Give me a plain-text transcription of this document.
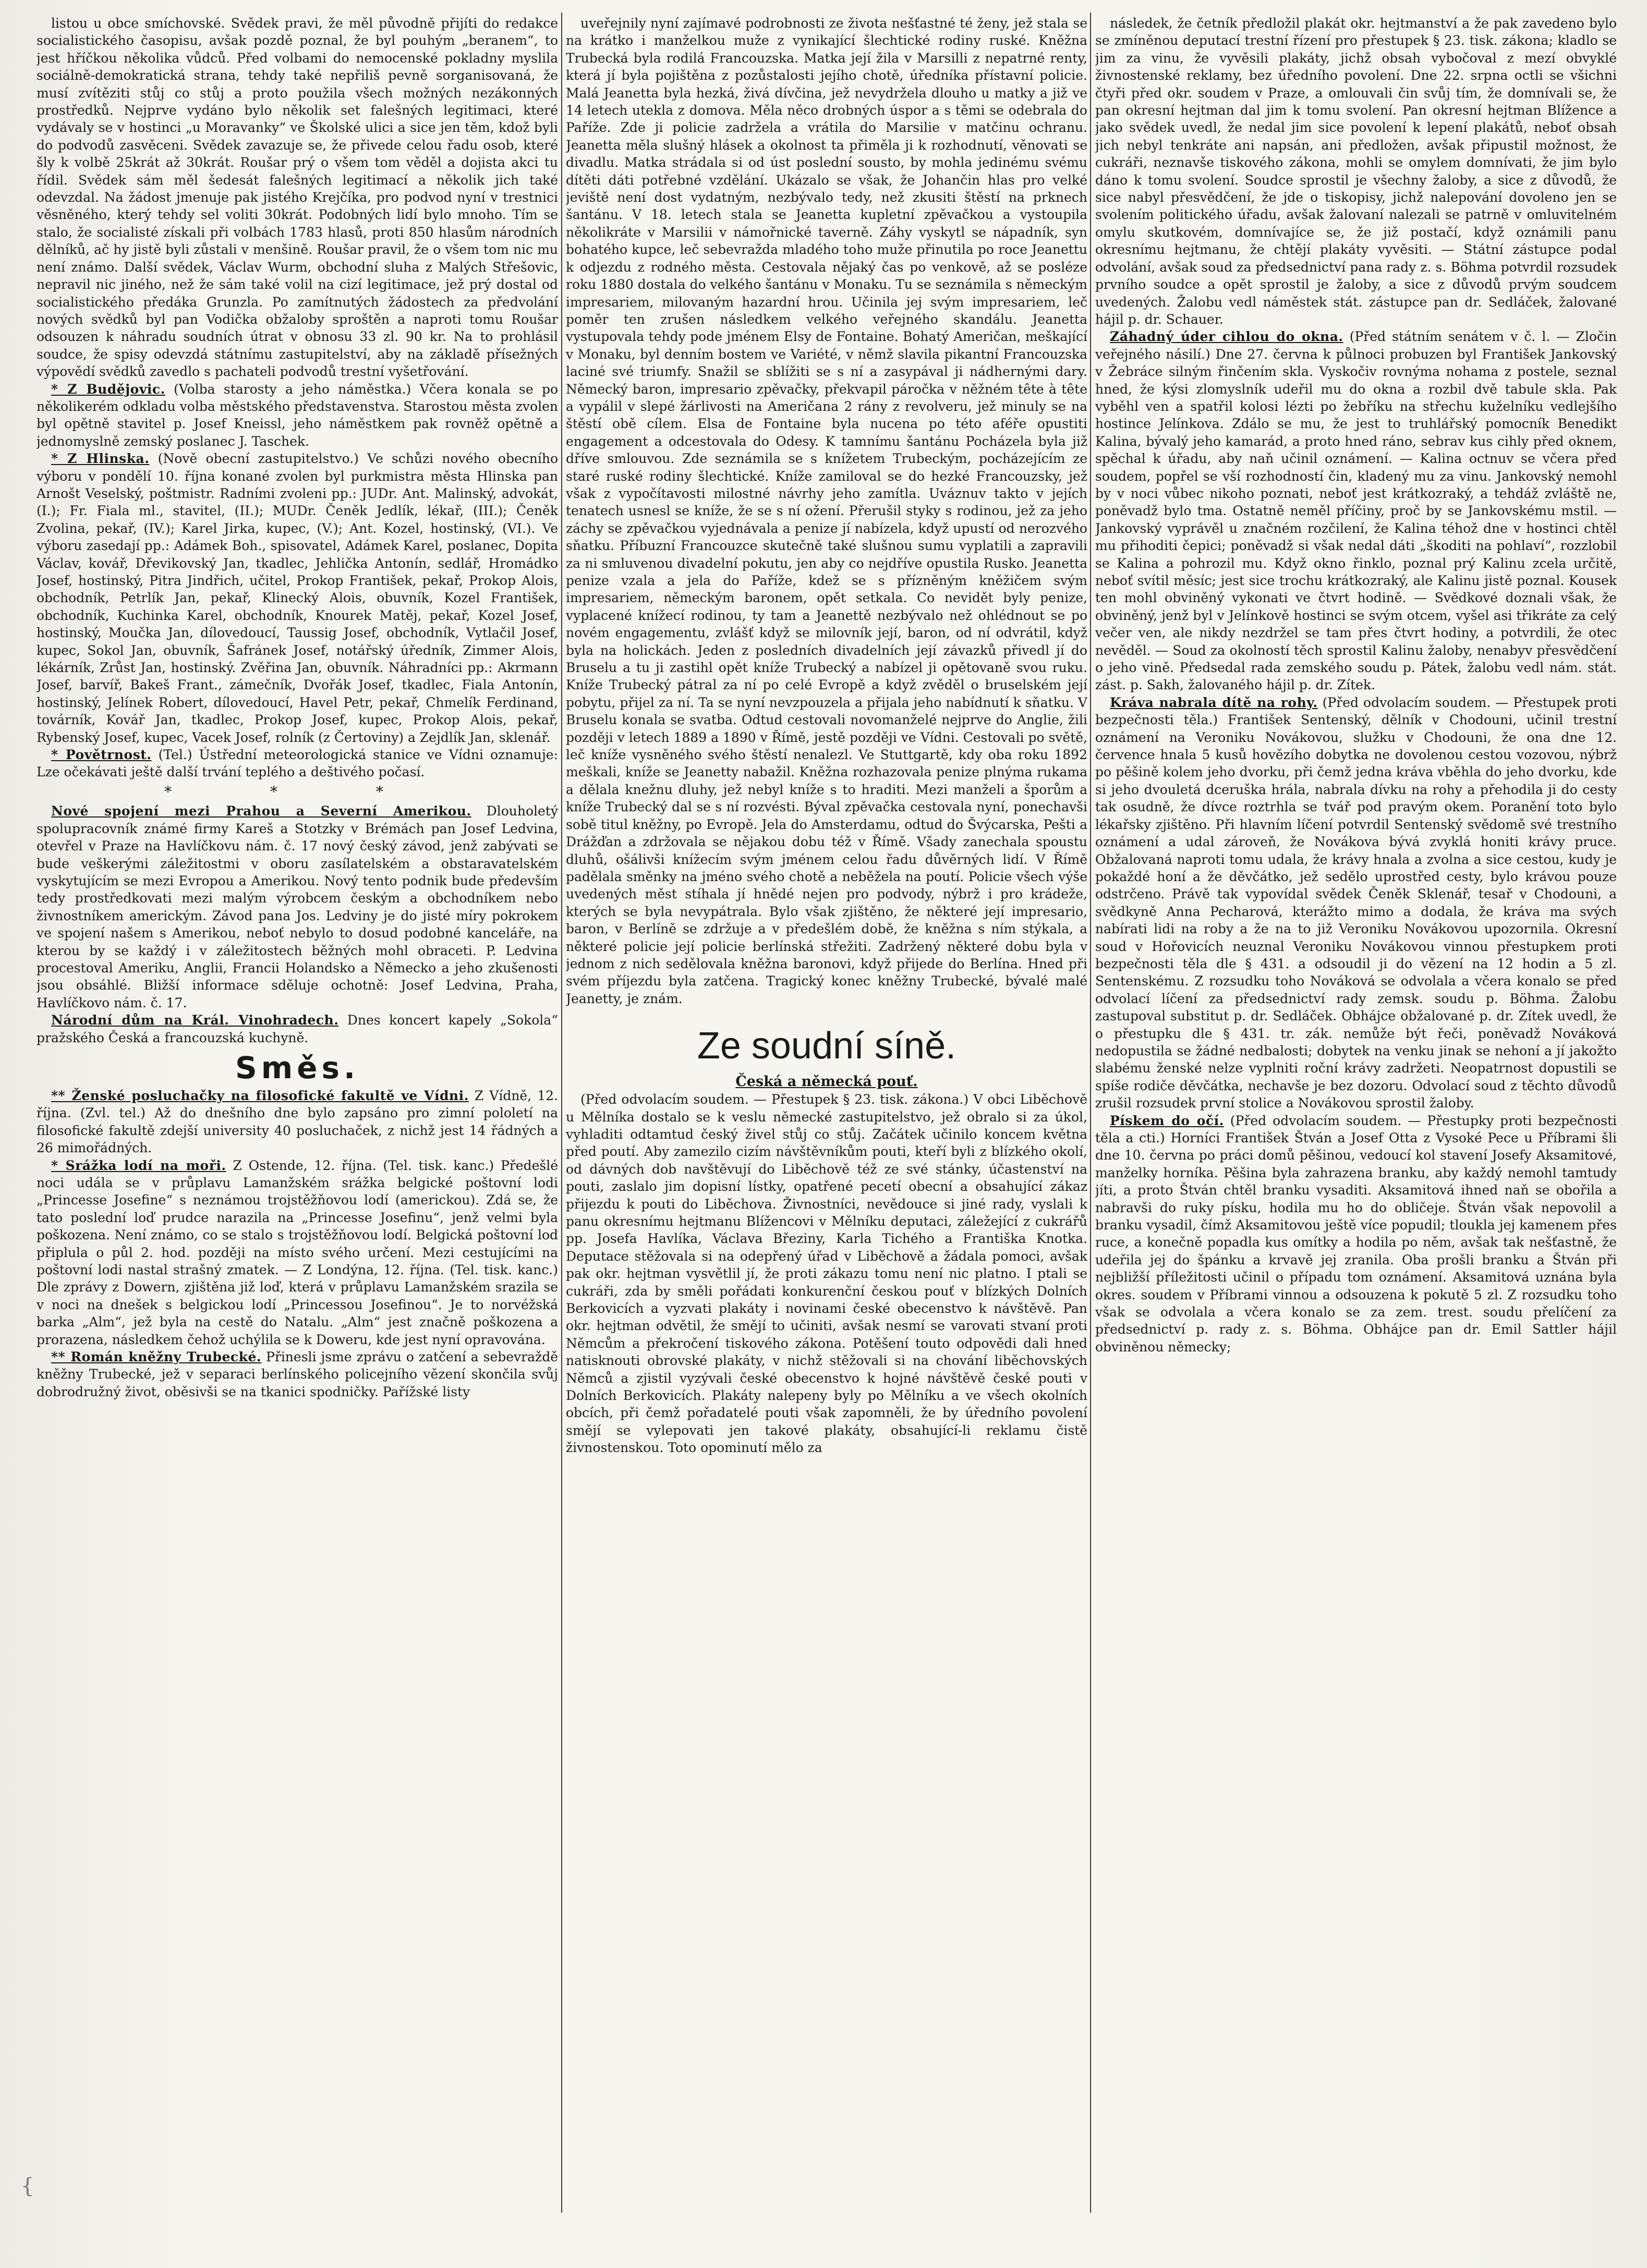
listou u obce smíchovské. Svědek pravi, že měl původně přijíti do redakce socialistického časopisu, avšak pozdě poznal, že byl pouhým „beranem“, to jest hříčkou několika vůdců. Před volbami do nemocenské pokladny myslila sociálně-demokratická strana, tehdy také nepřiliš pevně sorganisovaná, že musí zvítěziti stůj co stůj a proto použila všech možných nezákonných prostředků. Nejprve vydáno bylo několik set falešných legitimaci, které vydávaly se v hostinci „u Moravanky“ ve Školské ulici a sice jen těm, kdož byli do podvodů zasvěceni. Svědek zavazuje se, že přivede celou řadu osob, které šly k volbě 25krát až 30krát. Roušar prý o všem tom věděl a dojista akci tu řídil. Svědek sám měl šedesát falešných legitimací a několik jich také odevzdal. Na žádost jmenuje pak jistého Krejčíka, pro podvod nyní v trestnici věsněného, který tehdy sel voliti 30krát. Podobných lidí bylo mnoho. Tím se stalo, že socialisté získali při volbách 1783 hlasů, proti 850 hlasům národních dělníků, ač hy jistě byli zůstali v menšině. Roušar pravil, že o všem tom nic mu není známo. Další svědek, Václav Wurm, obchodní sluha z Malých Střešovic, nepravil nic jiného, než že sám také volil na cizí legitimace, jež prý dostal od socialistického předáka Grunzla. Po zamítnutých žádostech za předvolání nových svědků byl pan Vodička obžaloby sproštěn a naproti tomu Roušar odsouzen k náhradu soudních útrat v obnosu 33 zl. 90 kr. Na to prohlásil soudce, že spisy odevzdá státnímu zastupitelství, aby na základě přísežných výpovědí svědků zavedlo s pachateli podvodů trestní vyšetřování.

* Z Budějovic. (Volba starosty a jeho náměstka.) Včera konala se po několikerém odkladu volba městského představenstva. Starostou města zvolen byl opětně stavitel p. Josef Kneissl, jeho náměstkem pak rovněž opětně a jednomyslně zemský poslanec J. Taschek.

* Z Hlinska. (Nově obecní zastupitelstvo.) Ve schůzi nového obecního výboru v pondělí 10. října konané zvolen byl purkmistra města Hlinska pan Arnošt Veselský, poštmistr. Radními zvoleni pp.: JUDr. Ant. Malinský, advokát, (I.); Fr. Fiala ml., stavitel, (II.); MUDr. Čeněk Jedlík, lékař, (III.); Čeněk Zvolina, pekař, (IV.); Karel Jirka, kupec, (V.); Ant. Kozel, hostinský, (VI.). Ve výboru zasedají pp.: Adámek Boh., spisovatel, Adámek Karel, poslanec, Dopita Václav, kovář, Dřevikovský Jan, tkadlec, Jehlička Antonín, sedlář, Hromádko Josef, hostinský, Pitra Jindřich, učitel, Prokop František, pekař, Prokop Alois, obchodník, Petrlík Jan, pekař, Klinecký Alois, obuvník, Kozel František, obchodník, Kuchinka Karel, obchodník, Knourek Matěj, pekař, Kozel Josef, hostinský, Moučka Jan, dílovedoucí, Taussig Josef, obchodník, Vytlačil Josef, kupec, Sokol Jan, obuvník, Šafránek Josef, notářský úředník, Zimmer Alois, lékárník, Zrůst Jan, hostinský. Zvěřina Jan, obuvník. Náhradníci pp.: Akrmann Josef, barvíř, Bakeš Frant., zámečník, Dvořák Josef, tkadlec, Fiala Antonín, hostinský, Jelínek Robert, dílovedoucí, Havel Petr, pekař, Chmelík Ferdinand, továrník, Kovář Jan, tkadlec, Prokop Josef, kupec, Prokop Alois, pekař, Rybenský Josef, kupec, Vacek Josef, rolník (z Čertoviny) a Zejdlík Jan, sklenář.

* Povětrnost. (Tel.) Ústřední meteorologická stanice ve Vídni oznamuje: Lze očekávati ještě další trvání teplého a deštivého počasí.

* * *

Nové spojení mezi Prahou a Severní Amerikou. Dlouholetý spolupracovník známé firmy Kareš a Stotzky v Brémách pan Josef Ledvina, otevřel v Praze na Havlíčkovu nám. č. 17 nový český závod, jenž zabývati se bude veškerými záležitostmi v oboru zasílatelském a obstaravatelském vyskytujícím se mezi Evropou a Amerikou. Nový tento podnik bude především tedy prostředkovati mezi malým výrobcem českým a obchodníkem nebo živnostníkem americkým. Závod pana Jos. Ledviny je do jisté míry pokrokem ve spojení našem s Amerikou, neboť nebylo to dosud podobné kanceláře, na kterou by se každý i v záležitostech běžných mohl obraceti. P. Ledvina procestoval Ameriku, Anglii, Francii Holandsko a Německo a jeho zkušenosti jsou obsáhlé. Bližší informace sděluje ochotně: Josef Ledvina, Praha, Havlíčkovo nám. č. 17.

Národní dům na Král. Vinohradech. Dnes koncert kapely „Sokola“ pražského Česká a francouzská kuchyně.

Směs.

** Ženské posluchačky na filosofické fakultě ve Vídni. Z Vídně, 12. října. (Zvl. tel.) Až do dnešního dne bylo zapsáno pro zimní pololetí na filosofické fakultě zdejší university 40 posluchaček, z nichž jest 14 řádných a 26 mimořádných.

* Srážka lodí na moři. Z Ostende, 12. října. (Tel. tisk. kanc.) Předešlé noci udála se v průplavu Lamanžském srážka belgické poštovní lodi „Princesse Josefine“ s neznámou trojstěžňovou lodí (americkou). Zdá se, že tato poslední loď prudce narazila na „Princesse Josefinu“, jenž velmi byla poškozena. Není známo, co se stalo s trojstěžňovou lodí. Belgická poštovní loď připlula o půl 2. hod. později na místo svého určení. Mezi cestujícími na poštovní lodi nastal strašný zmatek. — Z Londýna, 12. října. (Tel. tisk. kanc.) Dle zprávy z Dowern, zjištěna již loď, která v průplavu Lamanžském srazila se v noci na dnešek s belgickou lodí „Princessou Josefinou“. Je to norvéžská barka „Alm“, jež byla na cestě do Natalu. „Alm“ jest značně poškozena a prorazena, následkem čehož uchýlila se k Doweru, kde jest nyní opravována.

** Román kněžny Trubecké. Přinesli jsme zprávu o zatčení a sebevraždě kněžny Trubecké, jež v separaci berlínského policejního vězení skončila svůj dobrodružný život, oběsivši se na tkanici spodničky. Pařížské listy

uveřejnily nyní zajímavé podrobnosti ze života nešťastné té ženy, jež stala se na krátko i manželkou muže z vynikající šlechtické rodiny ruské. Kněžna Trubecká byla rodilá Francouzska. Matka její žila v Marsilli z nepatrné renty, která jí byla pojištěna z pozůstalosti jejího chotě, úředníka přístavní policie. Malá Jeanetta byla hezká, živá dívčina, jež nevydržela dlouho u matky a již ve 14 letech utekla z domova. Měla něco drobných úspor a s těmi se odebrala do Paříže. Zde ji policie zadržela a vrátila do Marsilie v matčinu ochranu. Jeanetta měla slušný hlásek a okolnost ta přiměla ji k rozhodnutí, věnovati se divadlu. Matka strádala si od úst poslední sousto, by mohla jedinému svému dítěti dáti potřebné vzdělání. Ukázalo se však, že Johančin hlas pro velké jeviště není dost vydatným, nezbývalo tedy, než zkusiti štěstí na prknech šantánu. V 18. letech stala se Jeanetta kupletní zpěvačkou a vystoupila několikráte v Marsilii v námořnické taverně. Záhy vyskytl se nápadník, syn bohatého kupce, leč sebevražda mladého toho muže přinutila po roce Jeanettu k odjezdu z rodného města. Cestovala nějaký čas po venkově, až se posléze roku 1880 dostala do velkého šantánu v Monaku. Tu se seznámila s německým impresariem, milovaným hazardní hrou. Učinila jej svým impresariem, leč poměr ten zrušen následkem velkého veřejného skandálu. Jeanetta vystupovala tehdy pode jménem Elsy de Fontaine. Bohatý Američan, meškající v Monaku, byl denním bostem ve Variété, v němž slavila pikantní Francouzska laciné své triumfy. Snažil se sblížiti se s ní a zasypával ji nádhernými dary. Německý baron, impresario zpěvačky, překvapil páročka v něžném tête à tête a vypálil v slepé žárlivosti na Američana 2 rány z revolveru, jež minuly se na štěstí obě cílem. Elsa de Fontaine byla nucena po této aféře opustiti engagement a odcestovala do Odesy. K tamnímu šantánu Pocházela byla již dříve smlouvou. Zde seznámila se s knížetem Trubeckým, pocházejícím ze staré ruské rodiny šlechtické. Kníže zamiloval se do hezké Francouzsky, jež však z vypočítavosti milostné návrhy jeho zamítla. Uváznuv takto v jejích tenatech usnesl se kníže, že se s ní ožení. Přerušil styky s rodinou, jež za jeho záchy se zpěvačkou vyjednávala a penize jí nabízela, když upustí od nerozvého sňatku. Příbuzní Francouzce skutečně také slušnou sumu vyplatili a zapravili za ni smluvenou divadelní pokutu, jen aby co nejdříve opustila Rusko. Jeanetta penize vzala a jela do Paříže, kdež se s přízněným kněžičem svým impresariem, německým baronem, opět setkala. Co nevidět byly penize, vyplacené knížecí rodinou, ty tam a Jeanettě nezbývalo než ohlédnout se po novém engagementu, zvlášť když se milovník její, baron, od ní odvrátil, když byla na holickách. Jeden z posledních divadelních její závazků přivedl jí do Bruselu a tu ji zastihl opět kníže Trubecký a nabízel ji opětovaně svou ruku. Kníže Trubecký pátral za ní po celé Evropě a když zvěděl o bruselském její pobytu, přijel za ní. Ta se nyní nevzpouzela a přijala jeho nabídnutí k sňatku. V Bruselu konala se svatba. Odtud cestovali novomanželé nejprve do Anglie, žili později v letech 1889 a 1890 v Římě, jestě později ve Vídni. Cestovali po světě, leč kníže vysněného svého štěstí nenalezl. Ve Stuttgartě, kdy oba roku 1892 meškali, kníže se Jeanetty nabažil. Kněžna rozhazovala penize plnýma rukama a dělala knežnu dluhy, jež nebyl kníže s to hraditi. Mezi manželi a šporům a kníže Trubecký dal se s ní rozvésti. Býval zpěvačka cestovala nyní, ponechavši sobě titul kněžny, po Evropě. Jela do Amsterdamu, odtud do Švýcarska, Pešti a Drážďan a zdržovala se nějakou dobu též v Římě. Všady zanechala spoustu dluhů, ošálivši knížecím svým jménem celou řadu důvěrných lidí. V Římě padělala směnky na jméno svého chotě a neběžela na poutí. Policie všech výše uvedených měst stíhala jí hnědé nejen pro podvody, nýbrž i pro krádeže, kterých se byla nevypátrala. Bylo však zjištěno, že některé její impresario, baron, v Berlíně se zdržuje a v předešlém době, že kněžna s ním stýkala, a některé policie její policie berlínská střežiti. Zadržený některé dobu byla v jednom z nich sedělovala kněžna baronovi, když přijede do Berlína. Hned při svém příjezdu byla zatčena. Tragický konec kněžny Trubecké, bývalé malé Jeanetty, je znám.

Ze soudní síně.
Česká a německá pouť.

(Před odvolacím soudem. — Přestupek § 23. tisk. zákona.) V obci Liběchově u Mělníka dostalo se k veslu německé zastupitelstvo, jež obralo si za úkol, vyhladiti odtamtud český živel stůj co stůj. Začátek učinilo koncem května před poutí. Aby zamezilo cizím návštěvníkům pouti, kteří byli z blízkého okolí, od dávných dob navštěvují do Liběchově též ze své stánky, účastenství na pouti, zaslalo jim dopisní lístky, opatřené pecetí obecní a obsahující zákaz přijezdu k pouti do Liběchova. Živnostníci, nevědouce si jiné rady, vyslali k panu okresnímu hejtmanu Blížencovi v Mělníku deputaci, záležející z cukrářů pp. Josefa Havlíka, Václava Březiny, Karla Tichého a Františka Knotka. Deputace stěžovala si na odepřený úřad v Liběchově a žádala pomoci, avšak pak okr. hejtman vysvětlil jí, že proti zákazu tomu není nic platno. I ptali se cukráři, zda by směli pořádati konkurenční českou pouť v blízkých Dolních Berkovicích a vyzvati plakáty i novinami české obecenstvo k návštěvě. Pan okr. hejtman odvětil, že smějí to učiniti, avšak nesmí se varovati stvaní proti Němcům a překročení tiskového zákona. Potěšení touto odpovědi dali hned natisknouti obrovské plakáty, v nichž stěžovali si na chování liběchovských Němců a zjistil vyzývali české obecenstvo k hojné návštěvě české pouti v Dolních Berkovicích. Plakáty nalepeny byly po Mělníku a ve všech okolních obcích, při čemž pořadatelé pouti však zapomněli, že by úředního povolení smějí se vylepovati jen takové plakáty, obsahující-li reklamu čistě živnostenskou. Toto opominutí mělo za

následek, že četník předložil plakát okr. hejtmanství a že pak zavedeno bylo se zmíněnou deputací trestní řízení pro přestupek § 23. tisk. zákona; kladlo se jim za vinu, že vyvěsili plakáty, jichž obsah vybočoval z mezí obvyklé živnostenské reklamy, bez úředního povolení. Dne 22. srpna octli se všichni čtyři před okr. soudem v Praze, a omlouvali čin svůj tím, že domnívali se, že pan okresní hejtman dal jim k tomu svolení. Pan okresní hejtman Blížence a jako svědek uvedl, že nedal jim sice povolení k lepení plakátů, neboť obsah jich nebyl tenkráte ani napsán, ani předložen, avšak připustil možnost, že cukráři, neznavše tiskového zákona, mohli se omylem domnívati, že jim bylo dáno k tomu svolení. Soudce sprostil je všechny žaloby, a sice z důvodů, že sice nabyl přesvědčení, že jde o tiskopisy, jichž nalepování dovoleno jen se svolením politického úřadu, avšak žalovaní nalezali se patrně v omluvitelném omylu skutkovém, domnívajíce se, že již postačí, když oznámili panu okresnímu hejtmanu, že chtějí plakáty vyvěsiti. — Státní zástupce podal odvolání, avšak soud za předsednictví pana rady z. s. Böhma potvrdil rozsudek prvního soudce a opět sprostil je žaloby, a sice z důvodů prvým soudcem uvedených. Žalobu vedl náměstek stát. zástupce pan dr. Sedláček, žalované hájil p. dr. Schauer.

Záhadný úder cihlou do okna. (Před státním senátem v č. l. — Zločin veřejného násilí.) Dne 27. června k půlnoci probuzen byl František Jankovský v Žebráce silným řinčením skla. Vyskočiv rovnýma nohama z postele, seznal hned, že kýsi zlomyslník udeřil mu do okna a rozbil dvě tabule skla. Pak vyběhl ven a spatřil kolosi lézti po žebříku na střechu kuželníku vedlejšího hostince Jelínkova. Zdálo se mu, že jest to truhlářský pomocník Benedikt Kalina, bývalý jeho kamarád, a proto hned ráno, sebrav kus cihly před oknem, spěchal k úřadu, aby naň učinil oznámení. — Kalina octnuv se včera před soudem, popřel se vší rozhodností čin, kladený mu za vinu. Jankovský nemohl by v noci vůbec nikoho poznati, neboť jest krátkozraký, a tehdáž zvláště ne, poněvadž bylo tma. Ostatně neměl příčiny, proč by se Jankovskému mstil. — Jankovský vyprávěl u značném rozčilení, že Kalina téhož dne v hostinci chtěl mu přihoditi čepici; poněvadž si však nedal dáti „škoditi na pohlaví“, rozzlobil se Kalina a pohrozil mu. Když okno řinklo, poznal prý Kalinu zcela určitě, neboť svítil měsíc; jest sice trochu krátkozraký, ale Kalinu jistě poznal. Kousek ten mohl obviněný vykonati ve čtvrt hodině. — Svědkové doznali však, že obviněný, jenž byl v Jelínkově hostinci se svým otcem, vyšel asi třikráte za celý večer ven, ale nikdy nezdržel se tam přes čtvrt hodiny, a potvrdili, že otec nevěděl. — Soud za okolností těch sprostil Kalinu žaloby, nenabyv přesvědčení o jeho vině. Předsedal rada zemského soudu p. Pátek, žalobu vedl nám. stát. zást. p. Sakh, žalovaného hájil p. dr. Zítek.

Kráva nabrala dítě na rohy. (Před odvolacím soudem. — Přestupek proti bezpečnosti těla.) František Sentenský, dělník v Chodouni, učinil trestní oznámení na Veroniku Novákovou, služku v Chodouni, že ona dne 12. července hnala 5 kusů hovězího dobytka ne dovolenou cestou vozovou, nýbrž po pěšině kolem jeho dvorku, při čemž jedna kráva vběhla do jeho dvorku, kde si jeho dvouletá dceruška hrála, nabrala dívku na rohy a přehodila ji do cesty tak osudně, že dívce roztrhla se tvář pod pravým okem. Poranění toto bylo lékařsky zjištěno. Při hlavním líčení potvrdil Sentenský svědomě své trestního oznámení a udal zároveň, že Novákova bývá zvyklá honiti krávy pruce. Obžalovaná naproti tomu udala, že krávy hnala a zvolna a sice cestou, kudy je pokaždé honí a že děvčátko, jež sedělo uprostřed cesty, bylo krávou pouze odstrčeno. Právě tak vypovídal svědek Čeněk Sklenář, tesař v Chodouni, a svědkyně Anna Pecharová, kterážto mimo a dodala, že kráva ma svých nabírati lidi na roby a že na to již Veroniku Novákovou upozornila. Okresní soud v Hořovicích neuznal Veroniku Novákovou vinnou přestupkem proti bezpečnosti těla dle § 431. a odsoudil ji do vězení na 12 hodin a 5 zl. Sentenskému. Z rozsudku toho Nováková se odvolala a včera konalo se před odvolací líčení za předsednictví rady zemsk. soudu p. Böhma. Žalobu zastupoval substitut p. dr. Sedláček. Obhájce obžalované p. dr. Zítek uvedl, že o přestupku dle § 431. tr. zák. nemůže být řeči, poněvadž Nováková nedopustila se žádné nedbalosti; dobytek na venku jinak se nehoní a jí jakožto slabému ženské nelze vyplniti roční krávy zadržeti. Neopatrnost dopustili se spíše rodiče děvčátka, nechavše je bez dozoru. Odvolací soud z těchto důvodů zrušil rozsudek první stolice a Novákovou sprostil žaloby.

Pískem do očí. (Před odvolacím soudem. — Přestupky proti bezpečnosti těla a cti.) Horníci František Štván a Josef Otta z Vysoké Pece u Příbrami šli dne 10. června po práci domů pěšinou, vedoucí kol stavení Josefy Aksamitové, manželky horníka. Pěšina byla zahrazena branku, aby každý nemohl tamtudy jíti, a proto Štván chtěl branku vysaditi. Aksamitová ihned naň se obořila a nabravši do ruky písku, hodila mu ho do obličeje. Štván však nepovolil a branku vysadil, čímž Aksamitovou ještě více popudil; tloukla jej kamenem přes ruce, a konečně popadla kus omítky a hodila po něm, avšak tak nešťastně, že udeřila jej do špánku a krvavě jej zranila. Oba prošli branku a Štván při nejbližší příležitosti učinil o případu tom oznámení. Aksamitová uznána byla okres. soudem v Příbrami vinnou a odsouzena k pokutě 5 zl. Z rozsudku toho však se odvolala a včera konalo se za zem. trest. soudu přelíčení za předsednictví p. rady z. s. Böhma. Obhájce pan dr. Emil Sattler hájil obviněnou německy;

{
